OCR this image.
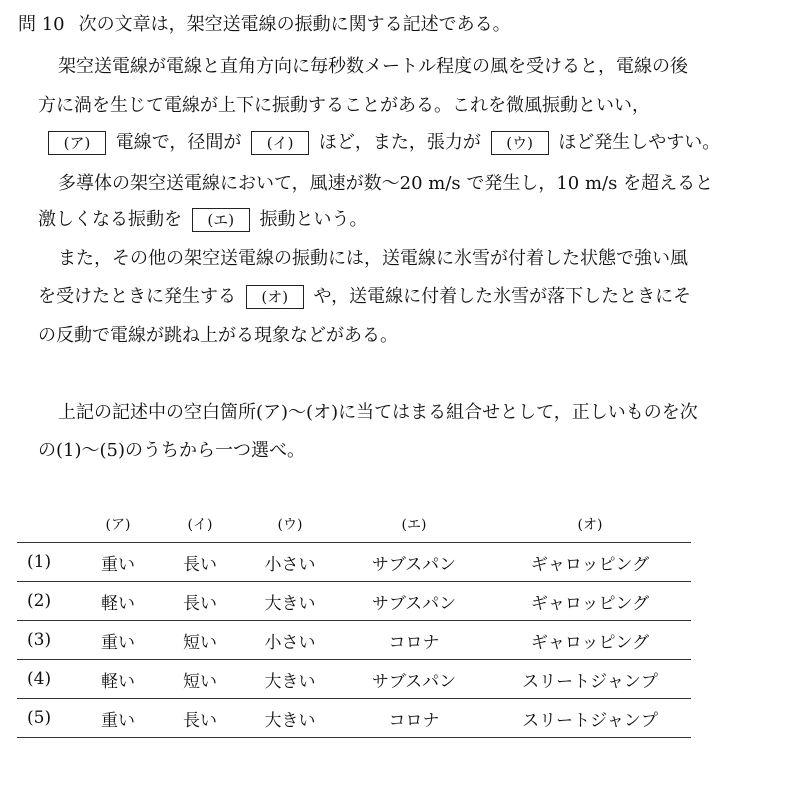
問 10 次の文章は，架空送電線の振動に関する記述である。
架空送電線が電線と直角方向に毎秒数メートル程度の風を受けると，電線の後
方に渦を生じて電線が上下に振動することがある。これを微風振動といい，
(ア) 電線で，径間が (イ) ほど，また，張力が (ウ) ほど発生しやすい。
多導体の架空送電線において，風速が数〜20 m/s で発生し，10 m/s を超えると
激しくなる振動を (エ) 振動という。
また，その他の架空送電線の振動には，送電線に氷雪が付着した状態で強い風
を受けたときに発生する (オ) や，送電線に付着した氷雪が落下したときにそ
の反動で電線が跳ね上がる現象などがある。
上記の記述中の空白箇所(ア)〜(オ)に当てはまる組合せとして，正しいものを次
の(1)〜(5)のうちから一つ選べ。
	(ア)	(イ)	(ウ)	(エ)	(オ)
(1)	重い	長い	小さい	サブスパン	ギャロッピング
(2)	軽い	長い	大きい	サブスパン	ギャロッピング
(3)	重い	短い	小さい	コロナ	ギャロッピング
(4)	軽い	短い	大きい	サブスパン	スリートジャンプ
(5)	重い	長い	大きい	コロナ	スリートジャンプ
